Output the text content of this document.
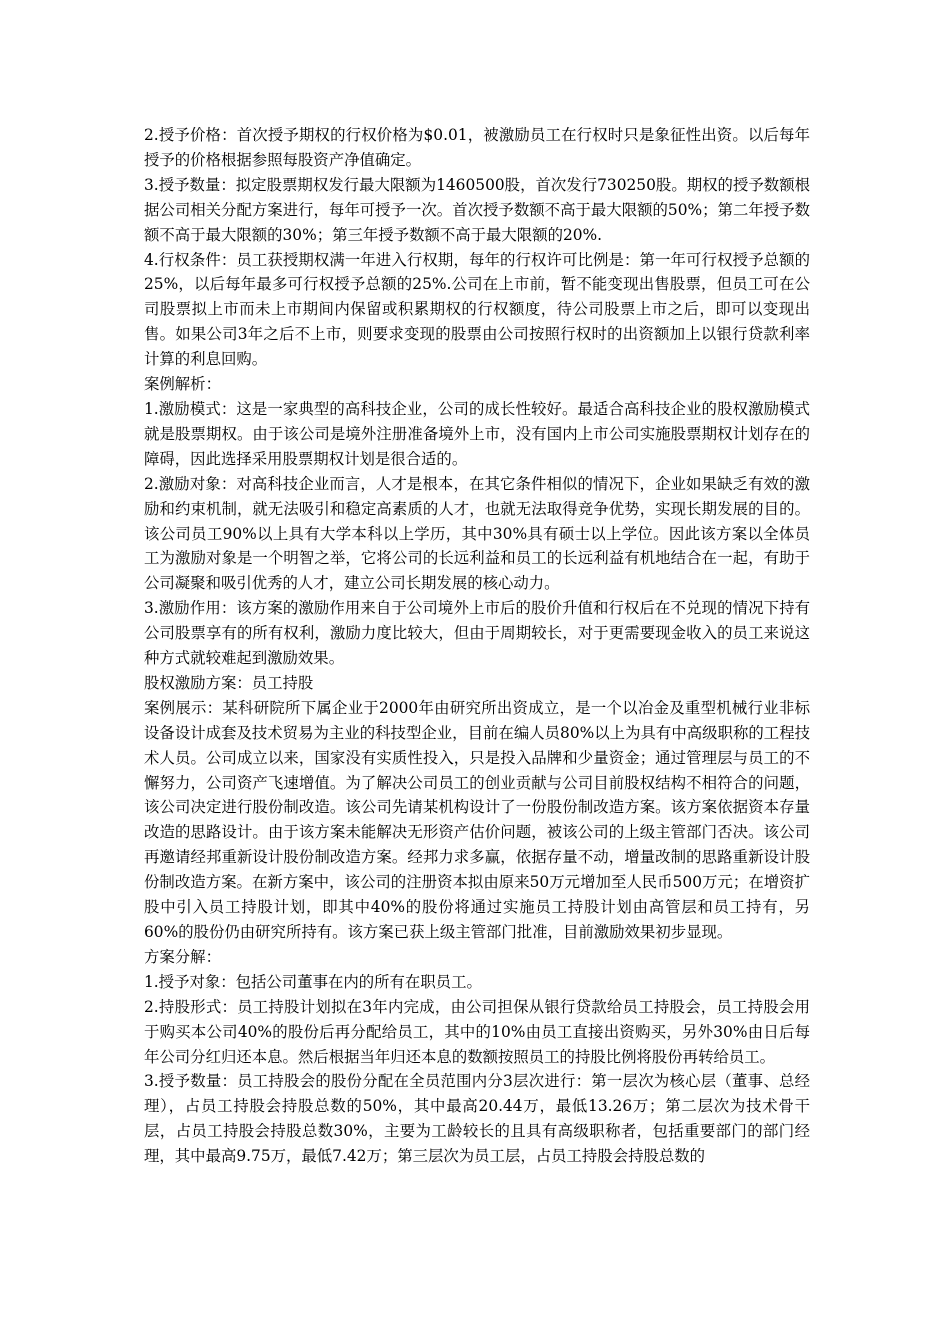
2.授予价格：首次授予期权的行权价格为$0.01，被激励员工在行权时只是象征性出资。以后每年授予的价格根据参照每股资产净值确定。

3.授予数量：拟定股票期权发行最大限额为1460500股，首次发行730250股。期权的授予数额根据公司相关分配方案进行，每年可授予一次。首次授予数额不高于最大限额的50%；第二年授予数额不高于最大限额的30%；第三年授予数额不高于最大限额的20%.

4.行权条件：员工获授期权满一年进入行权期，每年的行权许可比例是：第一年可行权授予总额的25%，以后每年最多可行权授予总额的25%.公司在上市前，暂不能变现出售股票，但员工可在公司股票拟上市而未上市期间内保留或积累期权的行权额度，待公司股票上市之后，即可以变现出售。如果公司3年之后不上市，则要求变现的股票由公司按照行权时的出资额加上以银行贷款利率计算的利息回购。

案例解析：

1.激励模式：这是一家典型的高科技企业，公司的成长性较好。最适合高科技企业的股权激励模式就是股票期权。由于该公司是境外注册准备境外上市，没有国内上市公司实施股票期权计划存在的障碍，因此选择采用股票期权计划是很合适的。

2.激励对象：对高科技企业而言，人才是根本，在其它条件相似的情况下，企业如果缺乏有效的激励和约束机制，就无法吸引和稳定高素质的人才，也就无法取得竞争优势，实现长期发展的目的。该公司员工90%以上具有大学本科以上学历，其中30%具有硕士以上学位。因此该方案以全体员工为激励对象是一个明智之举，它将公司的长远利益和员工的长远利益有机地结合在一起，有助于公司凝聚和吸引优秀的人才，建立公司长期发展的核心动力。

3.激励作用：该方案的激励作用来自于公司境外上市后的股价升值和行权后在不兑现的情况下持有公司股票享有的所有权利，激励力度比较大，但由于周期较长，对于更需要现金收入的员工来说这种方式就较难起到激励效果。

股权激励方案：员工持股

案例展示：某科研院所下属企业于2000年由研究所出资成立，是一个以冶金及重型机械行业非标设备设计成套及技术贸易为主业的科技型企业，目前在编人员80%以上为具有中高级职称的工程技术人员。公司成立以来，国家没有实质性投入，只是投入品牌和少量资金；通过管理层与员工的不懈努力，公司资产飞速增值。为了解决公司员工的创业贡献与公司目前股权结构不相符合的问题，该公司决定进行股份制改造。该公司先请某机构设计了一份股份制改造方案。该方案依据资本存量改造的思路设计。由于该方案未能解决无形资产估价问题，被该公司的上级主管部门否决。该公司再邀请经邦重新设计股份制改造方案。经邦力求多赢，依据存量不动，增量改制的思路重新设计股份制改造方案。在新方案中，该公司的注册资本拟由原来50万元增加至人民币500万元；在增资扩股中引入员工持股计划，即其中40%的股份将通过实施员工持股计划由高管层和员工持有，另60%的股份仍由研究所持有。该方案已获上级主管部门批准，目前激励效果初步显现。

方案分解：

1.授予对象：包括公司董事在内的所有在职员工。

2.持股形式：员工持股计划拟在3年内完成，由公司担保从银行贷款给员工持股会，员工持股会用于购买本公司40%的股份后再分配给员工，其中的10%由员工直接出资购买，另外30%由日后每年公司分红归还本息。然后根据当年归还本息的数额按照员工的持股比例将股份再转给员工。

3.授予数量：员工持股会的股份分配在全员范围内分3层次进行：第一层次为核心层（董事、总经理），占员工持股会持股总数的50%，其中最高20.44万，最低13.26万；第二层次为技术骨干层，占员工持股会持股总数30%，主要为工龄较长的且具有高级职称者，包括重要部门的部门经理，其中最高9.75万，最低7.42万；第三层次为员工层，占员工持股会持股总数的
